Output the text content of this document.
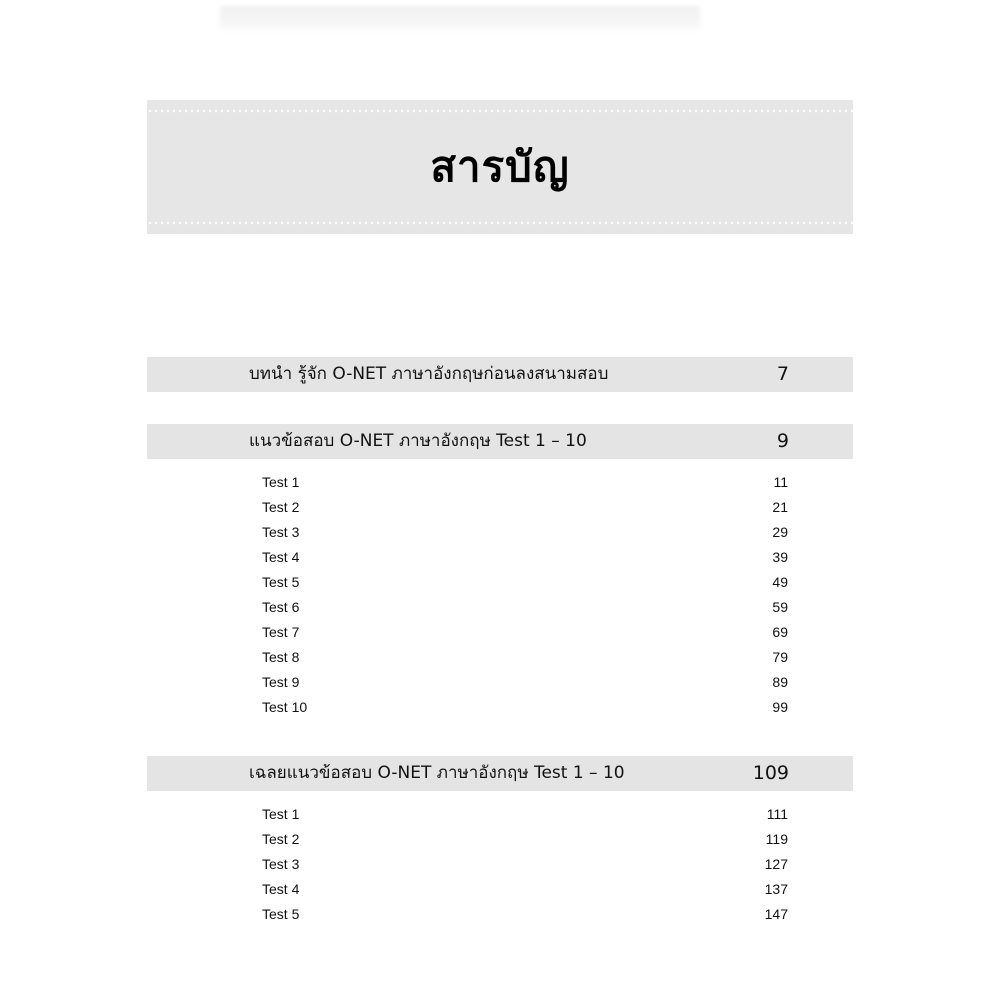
สารบัญ
บทนำ รู้จัก O-NET ภาษาอังกฤษก่อนลงสนามสอบ	7
แนวข้อสอบ O-NET ภาษาอังกฤษ Test 1 – 10	9
Test 1	11
Test 2	21
Test 3	29
Test 4	39
Test 5	49
Test 6	59
Test 7	69
Test 8	79
Test 9	89
Test 10	99
เฉลยแนวข้อสอบ O-NET ภาษาอังกฤษ Test 1 – 10	109
Test 1	111
Test 2	119
Test 3	127
Test 4	137
Test 5	147
